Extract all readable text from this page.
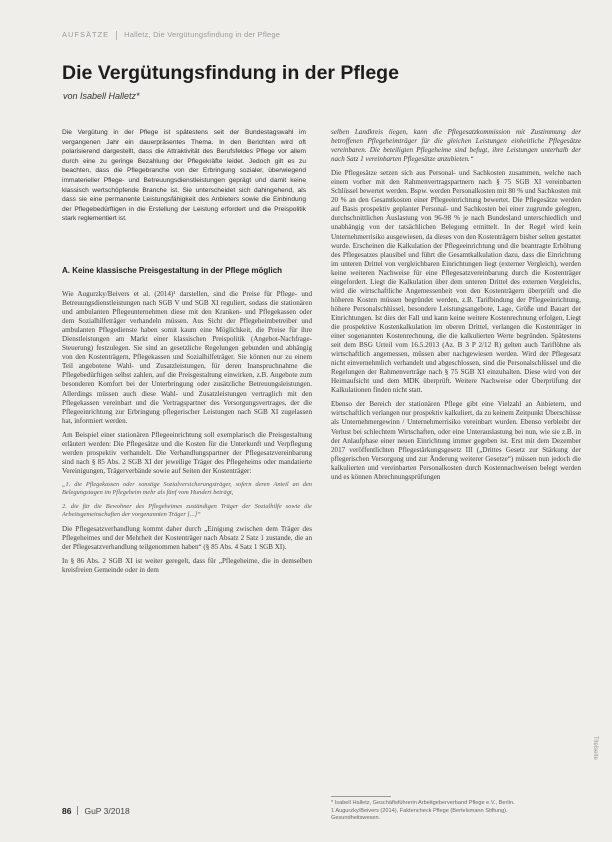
AUFSÄTZE Halletz, Die Vergütungsfindung in der Pflege
Die Vergütungsfindung in der Pflege
von Isabell Halletz*
Die Vergütung in der Pflege ist spätestens seit der Bundestagswahl im vergangenen Jahr ein dauerpräsentes Thema. In den Berichten wird oft polarisierend dargestellt, dass die Attraktivität des Berufsfeldes Pflege vor allem durch eine zu geringe Bezahlung der Pflegekräfte leidet. Jedoch gilt es zu beachten, dass die Pflegebranche von der Erbringung sozialer, überwiegend immaterieller Pflege- und Betreuungsdienstleistungen geprägt und damit keine klassisch wertschöpfende Branche ist. Sie unterscheidet sich dahingehend, als dass sie eine permanente Leistungsfähigkeit des Anbieters sowie die Einbindung der Pflegebedürftigen in die Erstellung der Leistung erfordert und die Preispolitik stark reglementiert ist.
A. Keine klassische Preisgestaltung in der Pflege möglich

Wie Augurzky/Beivers et al. (2014)¹ darstellen, sind die Preise für Pflege- und Betreuungsdienstleistungen nach SGB V und SGB XI reguliert, sodass die stationären und ambulanten Pflegeunternehmen diese mit den Kranken- und Pflegekassen oder dem Sozialhilfeträger verhandeln müssen. Aus Sicht der Pflegeheimbetreiber und ambulanten Pflegedienste haben somit kaum eine Möglichkeit, die Preise für ihre Dienstleistungen am Markt einer klassischen Preispolitik (Angebot-Nachfrage-Steuerung) festzulegen. Sie sind an gesetzliche Regelungen gebunden und abhängig von den Kostenträgern, Pflegekassen und Sozialhilfeträger. Sie können nur zu einem Teil angebotene Wahl- und Zusatzleistungen, für deren Inanspruchnahme die Pflegebedürftigen selbst zahlen, auf die Preisgestaltung einwirken, z.B. Angebote zum besonderen Komfort bei der Unterbringung oder zusätzliche Betreuungsleistungen. Allerdings müssen auch diese Wahl- und Zusatzleistungen vertraglich mit den Pflegekassen vereinbart und die Vertragspartner des Versorgungsvertrages, der die Pflegeeinrichtung zur Erbringung pflegerischer Leistungen nach SGB XI zugelassen hat, informiert werden.

Am Beispiel einer stationären Pflegeeinrichtung soll exemplarisch die Preisgestaltung erläutert werden: Die Pflegesätze und die Kosten für die Unterkunft und Verpflegung werden prospektiv verhandelt. Die Verhandlungspartner der Pflegesatzvereinbarung sind nach § 85 Abs. 2 SGB XI der jeweilige Träger des Pflegeheims oder mandatierte Vereinigungen, Trägerverbände sowie auf Seiten der Kostenträger:

„1. die Pflegekassen oder sonstige Sozialversicherungsträger, sofern deren Anteil an den Belegungstagen im Pflegeheim mehr als fünf vom Hundert beträgt,

2. die für die Bewohner des Pflegeheimes zuständigen Träger der Sozialhilfe sowie die Arbeitsgemeinschaften der vorgenannten Träger [...]“

Die Pflegesatzverhandlung kommt daher durch „Einigung zwischen dem Träger des Pflegeheimes und der Mehrheit der Kostenträger nach Absatz 2 Satz 1 zustande, die an der Pflegesatzverhandlung teilgenommen haben“ (§ 85 Abs. 4 Satz 1 SGB XI).

In § 86 Abs. 2 SGB XI ist weiter geregelt, dass für „Pflegeheime, die in demselben kreisfreien Gemeinde oder in dem

selben Landkreis liegen, kann die Pflegesatzkommission mit Zustimmung der betroffenen Pflegeheimträger für die gleichen Leistungen einheitliche Pflegesätze vereinbaren. Die beteiligten Pflegeheime sind befugt, ihre Leistungen unterhalb der nach Satz 1 vereinbarten Pflegesätze anzubieten.“

Die Pflegesätze setzen sich aus Personal- und Sachkosten zusammen, welche nach einem vorher mit den Rahmenvertragspartnern nach § 75 SGB XI vereinbarten Schlüssel bewertet werden. Bspw. werden Personalkosten mit 80 % und Sachkosten mit 20 % an den Gesamtkosten einer Pflegeeinrichtung bewertet. Die Pflegesätze werden auf Basis prospektiv geplanter Personal- und Sachkosten bei einer zugrunde gelegten, durchschnittlichen Auslastung von 96-98 % je nach Bundesland unterschiedlich und unabhängig von der tatsächlichen Belegung ermittelt. In der Regel wird kein Unternehmerrisiko ausgewiesen, da dieses von den Kostenträgern bisher selten gestattet wurde. Erscheinen die Kalkulation der Pflegeeinrichtung und die beantragte Erhöhung des Pflegesatzes plausibel und führt die Gesamtkalkulation dazu, dass die Einrichtung im unteren Drittel von vergleichbaren Einrichtungen liegt (externer Vergleich), werden keine weiteren Nachweise für eine Pflegesatzvereinbarung durch die Kostenträger eingefordert. Liegt die Kalkulation über dem unteren Drittel des externen Vergleichs, wird die wirtschaftliche Angemessenheit von den Kostenträgern überprüft und die höheren Kosten müssen begründet werden, z.B. Tarifbindung der Pflegeeinrichtung, höhere Personalschlüssel, besondere Leistungsangebote, Lage, Größe und Bauart der Einrichtungen. Ist dies der Fall und kann keine weitere Kostenrechnung erfolgen, Liegt die prospektive Kostenkalkulation im oberen Drittel, verlangen die Kostenträger in einer sogenannten Kostenrechnung, die die kalkulierten Werte begründen. Spätestens seit dem BSG Urteil vom 16.5.2013 (Az. B 3 P 2/12 R) gelten auch Tariflöhne als wirtschaftlich angemessen, müssen aber nachgewiesen werden. Wird der Pflegesatz nicht einvernehmlich verhandelt und abgeschlossen, sind die Personalschlüssel und die Regelungen der Rahmenverträge nach § 75 SGB XI einzuhalten. Diese wird von der Heimaufsicht und dem MDK überprüft. Weitere Nachweise oder Überprüfung der Kalkulationen finden nicht statt.

Ebenso der Bereich der stationären Pflege gibt eine Vielzahl an Anbietern, und wirtschaftlich verlangen nur prospektiv kalkuliert, da zu keinem Zeitpunkt Überschüsse als Unternehmergewinn / Unternehmerrisiko vereinbart wurden. Ebenso verbleibt der Verlust bei schlechtem Wirtschaften, oder eine Unterauslastung bei nun, wie sie z.B. in der Anlaufphase einer neuen Einrichtung immer gegeben ist. Erst mit dem Dezember 2017 veröffentlichten Pflegestärkungsgesetz III („Drittes Gesetz zur Stärkung der pflegerischen Versorgung und zur Änderung weiterer Gesetze“) müssen nun jedoch die kalkulierten und vereinbarten Personalkosten durch Kostennachweisen belegt werden und es können Abrechnungsprüfungen

* Isabell Halletz, Geschäftsführerin Arbeitgeberverband Pflege e.V., Berlin.
1 Augurzky/Beivers (2014), Faktencheck Pflege (Bertelsmann Stiftung).
Gesundheitswesen.
86 GuP 3/2018
Titelseite
